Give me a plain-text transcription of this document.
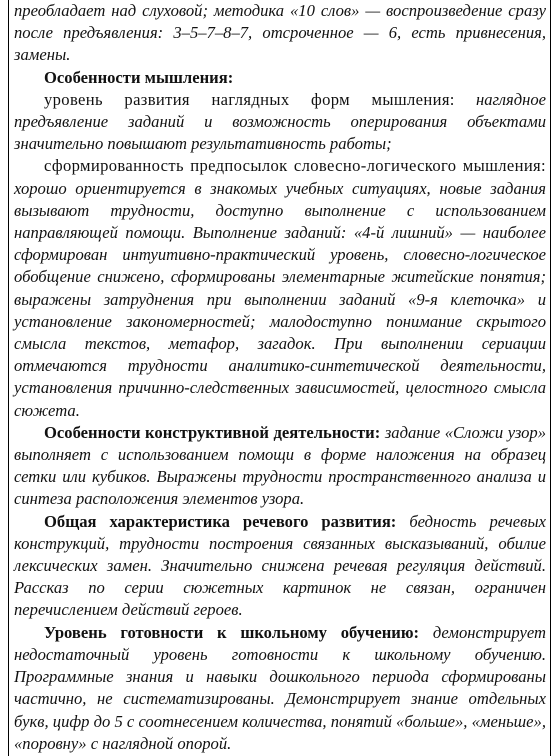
преобладает над слуховой; методика «10 слов» — воспроизведение сразу после предъявления: 3–5–7–8–7, отсроченное — 6, есть привнесения, замены.

Особенности мышления:

уровень развития наглядных форм мышления: наглядное предъявление заданий и возможность оперирования объектами значительно повышают результативность работы;

сформированность предпосылок словесно-логического мышления: хорошо ориентируется в знакомых учебных ситуациях, новые задания вызывают трудности, доступно выполнение с использованием направляющей помощи. Выполнение заданий: «4-й лишний» — наиболее сформирован интуитивно-практический уровень, словесно-логическое обобщение снижено, сформированы элементарные житейские понятия; выражены затруднения при выполнении заданий «9-я клеточка» и установление закономерностей; малодоступно понимание скрытого смысла текстов, метафор, загадок. При выполнении сериации отмечаются трудности аналитико-синтетической деятельности, установления причинно-следственных зависимостей, целостного смысла сюжета.

Особенности конструктивной деятельности: задание «Сложи узор» выполняет с использованием помощи в форме наложения на образец сетки или кубиков. Выражены трудности пространственного анализа и синтеза расположения элементов узора.

Общая характеристика речевого развития: бедность речевых конструкций, трудности построения связанных высказываний, обилие лексических замен. Значительно снижена речевая регуляция действий. Рассказ по серии сюжетных картинок не связан, ограничен перечислением действий героев.

Уровень готовности к школьному обучению: демонстрирует недостаточный уровень готовности к школьному обучению. Программные знания и навыки дошкольного периода сформированы частично, не систематизированы. Демонстрирует знание отдельных букв, цифр до 5 с соотнесением количества, понятий «больше», «меньше», «поровну» с наглядной опорой.
